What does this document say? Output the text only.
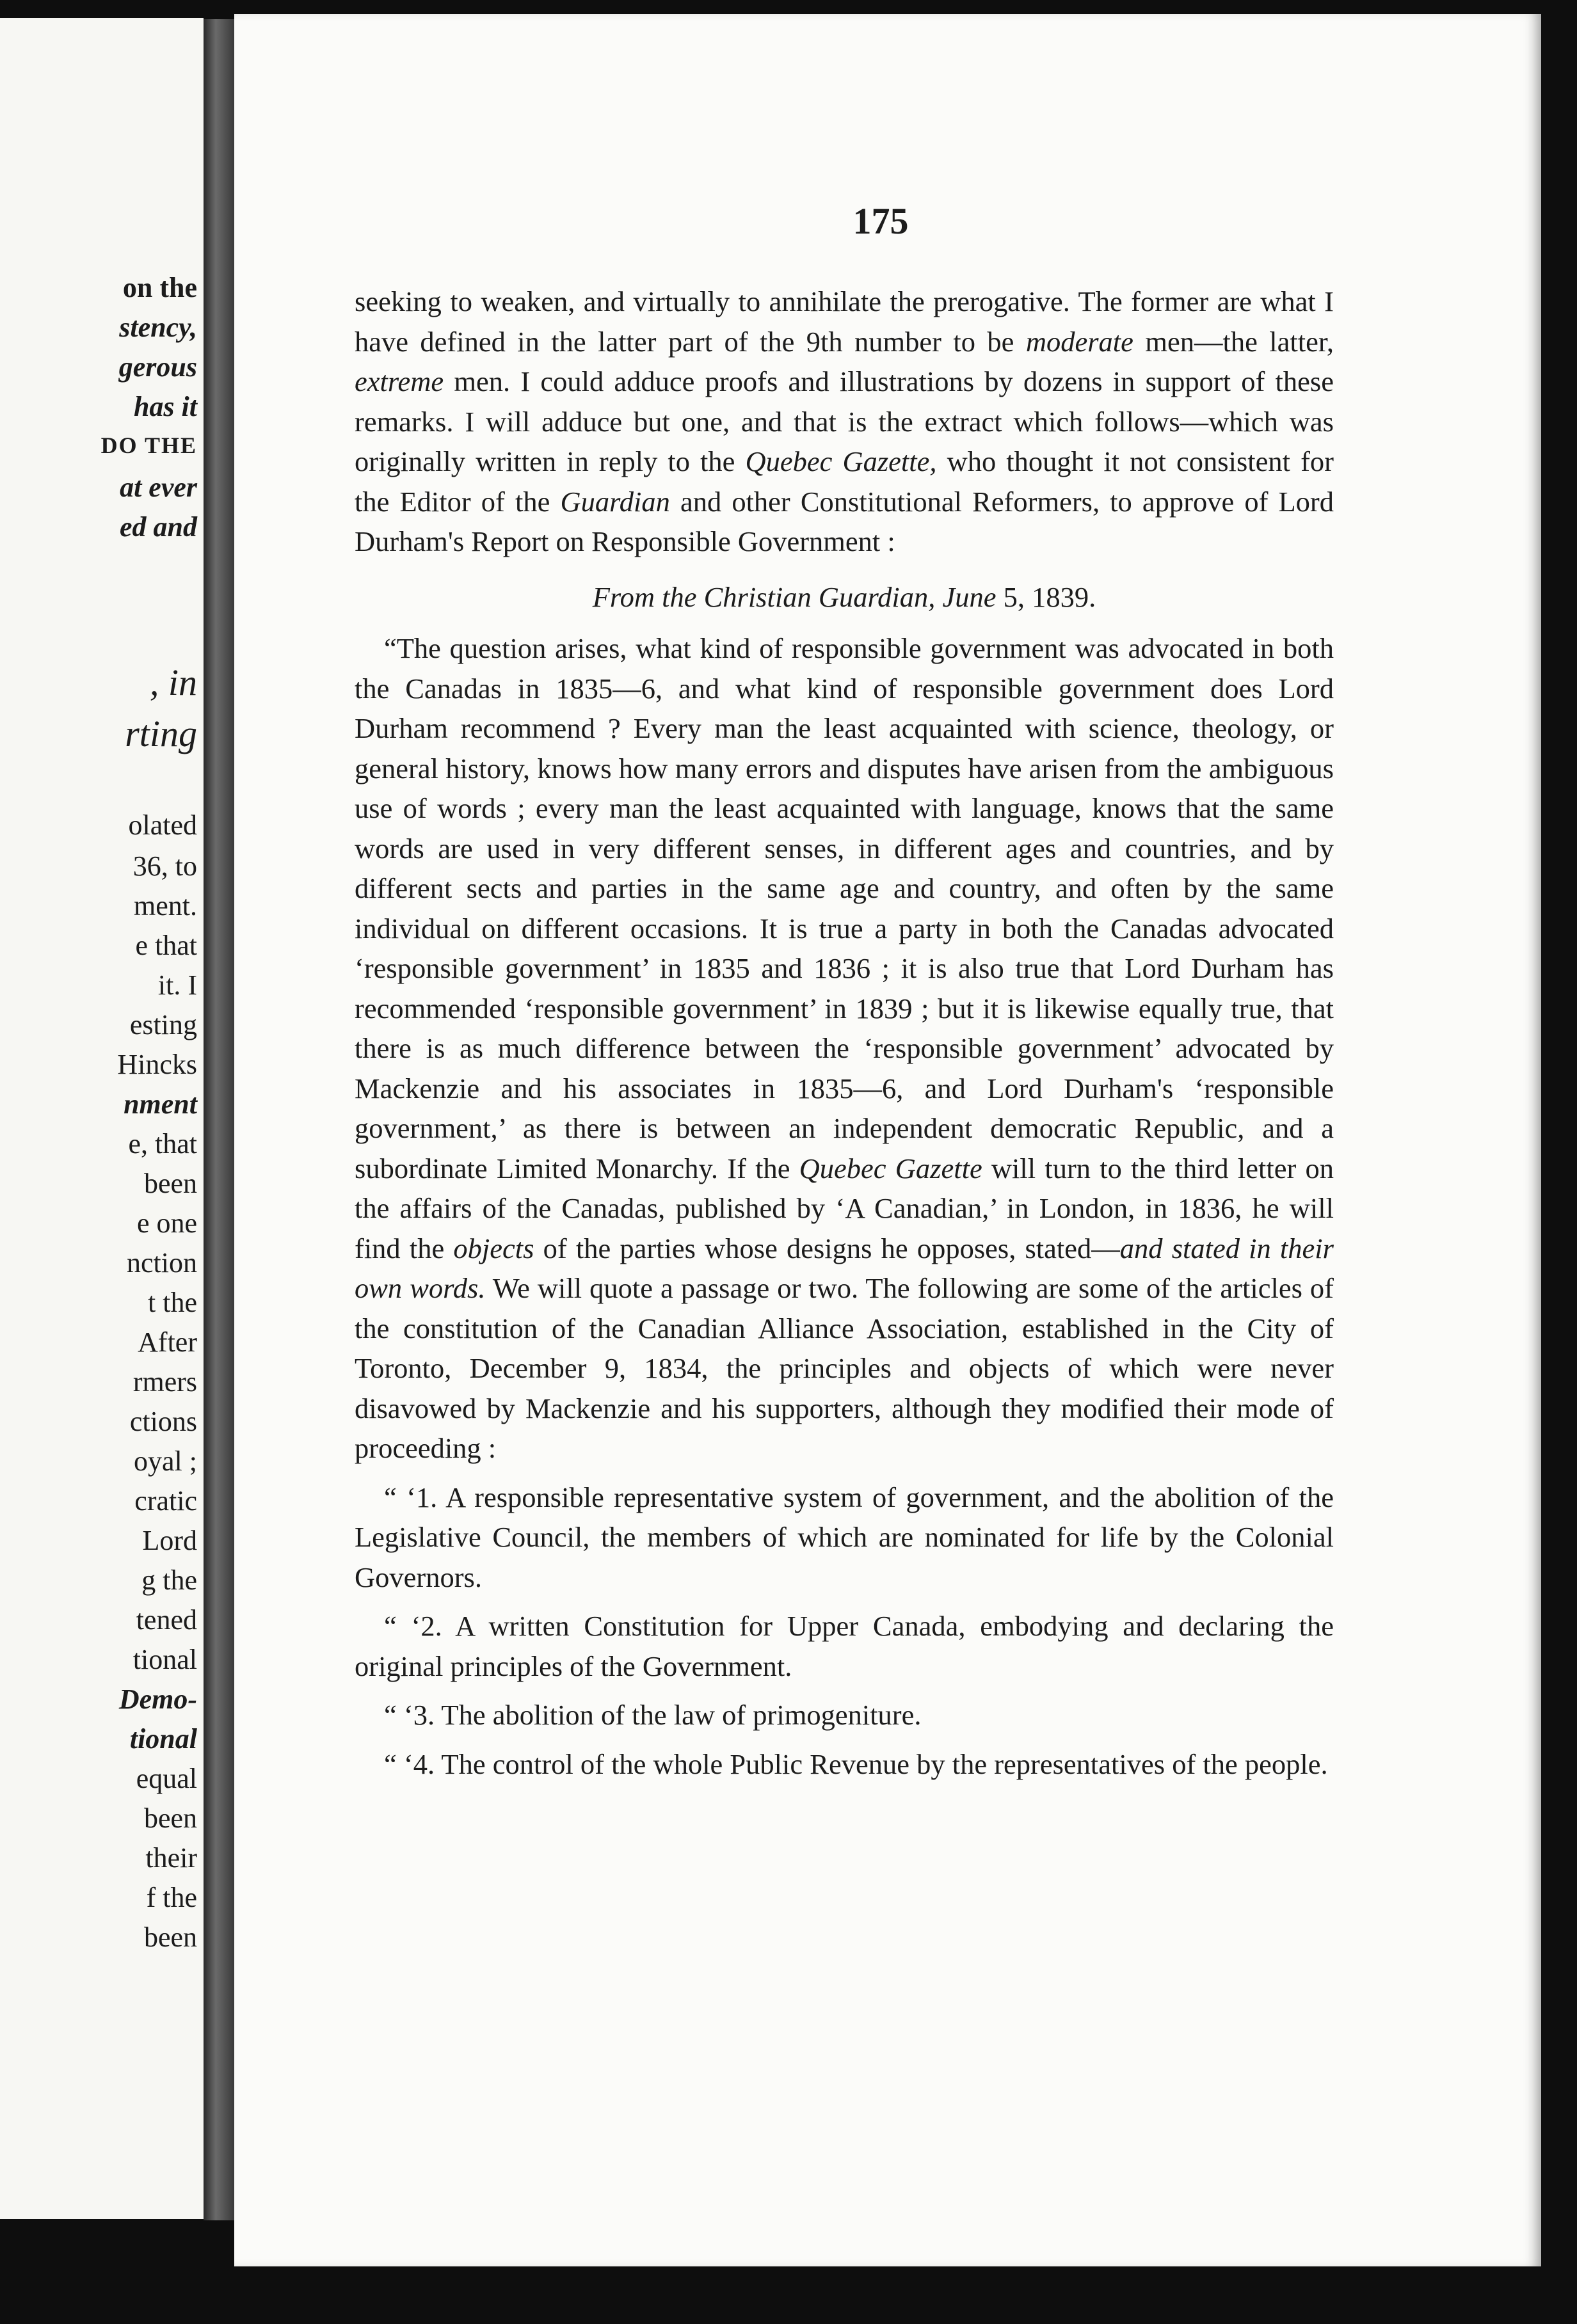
on the
stency,
gerous
has it
DO THE
at ever
ed and
, in
rting
olated
36, to
ment.
e that
it. I
esting
Hincks
nment
e, that
been
e one
nction
t the
After
rmers
ctions
oyal ;
cratic
Lord
g the
tened
tional
Demo-
tional
equal
been
their
f the
been
175

seeking to weaken, and virtually to annihilate the prerogative. The former are what I have defined in the latter part of the 9th number to be moderate men—the latter, extreme men. I could adduce proofs and illustrations by dozens in support of these remarks. I will adduce but one, and that is the extract which follows—which was originally written in reply to the Quebec Gazette, who thought it not consistent for the Editor of the Guardian and other Constitutional Reformers, to approve of Lord Durham's Report on Responsible Government :

From the Christian Guardian, June 5, 1839.

“The question arises, what kind of responsible government was advocated in both the Canadas in 1835—6, and what kind of responsible government does Lord Durham recommend ? Every man the least acquainted with science, theology, or general history, knows how many errors and disputes have arisen from the ambiguous use of words ; every man the least acquainted with language, knows that the same words are used in very different senses, in different ages and countries, and by different sects and parties in the same age and country, and often by the same individual on different occasions. It is true a party in both the Canadas advocated ‘responsible government’ in 1835 and 1836 ; it is also true that Lord Durham has recommended ‘responsible government’ in 1839 ; but it is likewise equally true, that there is as much difference between the ‘responsible government’ advocated by Mackenzie and his associates in 1835—6, and Lord Durham's ‘responsible government,’ as there is between an independent democratic Republic, and a subordinate Limited Monarchy. If the Quebec Gazette will turn to the third letter on the affairs of the Canadas, published by ‘A Canadian,’ in London, in 1836, he will find the objects of the parties whose designs he opposes, stated—and stated in their own words. We will quote a passage or two. The following are some of the articles of the constitution of the Canadian Alliance Association, established in the City of Toronto, December 9, 1834, the principles and objects of which were never disavowed by Mackenzie and his supporters, although they modified their mode of proceeding :

“ ‘1. A responsible representative system of government, and the abolition of the Legislative Council, the members of which are nominated for life by the Colonial Governors.

“ ‘2. A written Constitution for Upper Canada, embodying and declaring the original principles of the Government.

“ ‘3. The abolition of the law of primogeniture.

“ ‘4. The control of the whole Public Revenue by the representatives of the people.
